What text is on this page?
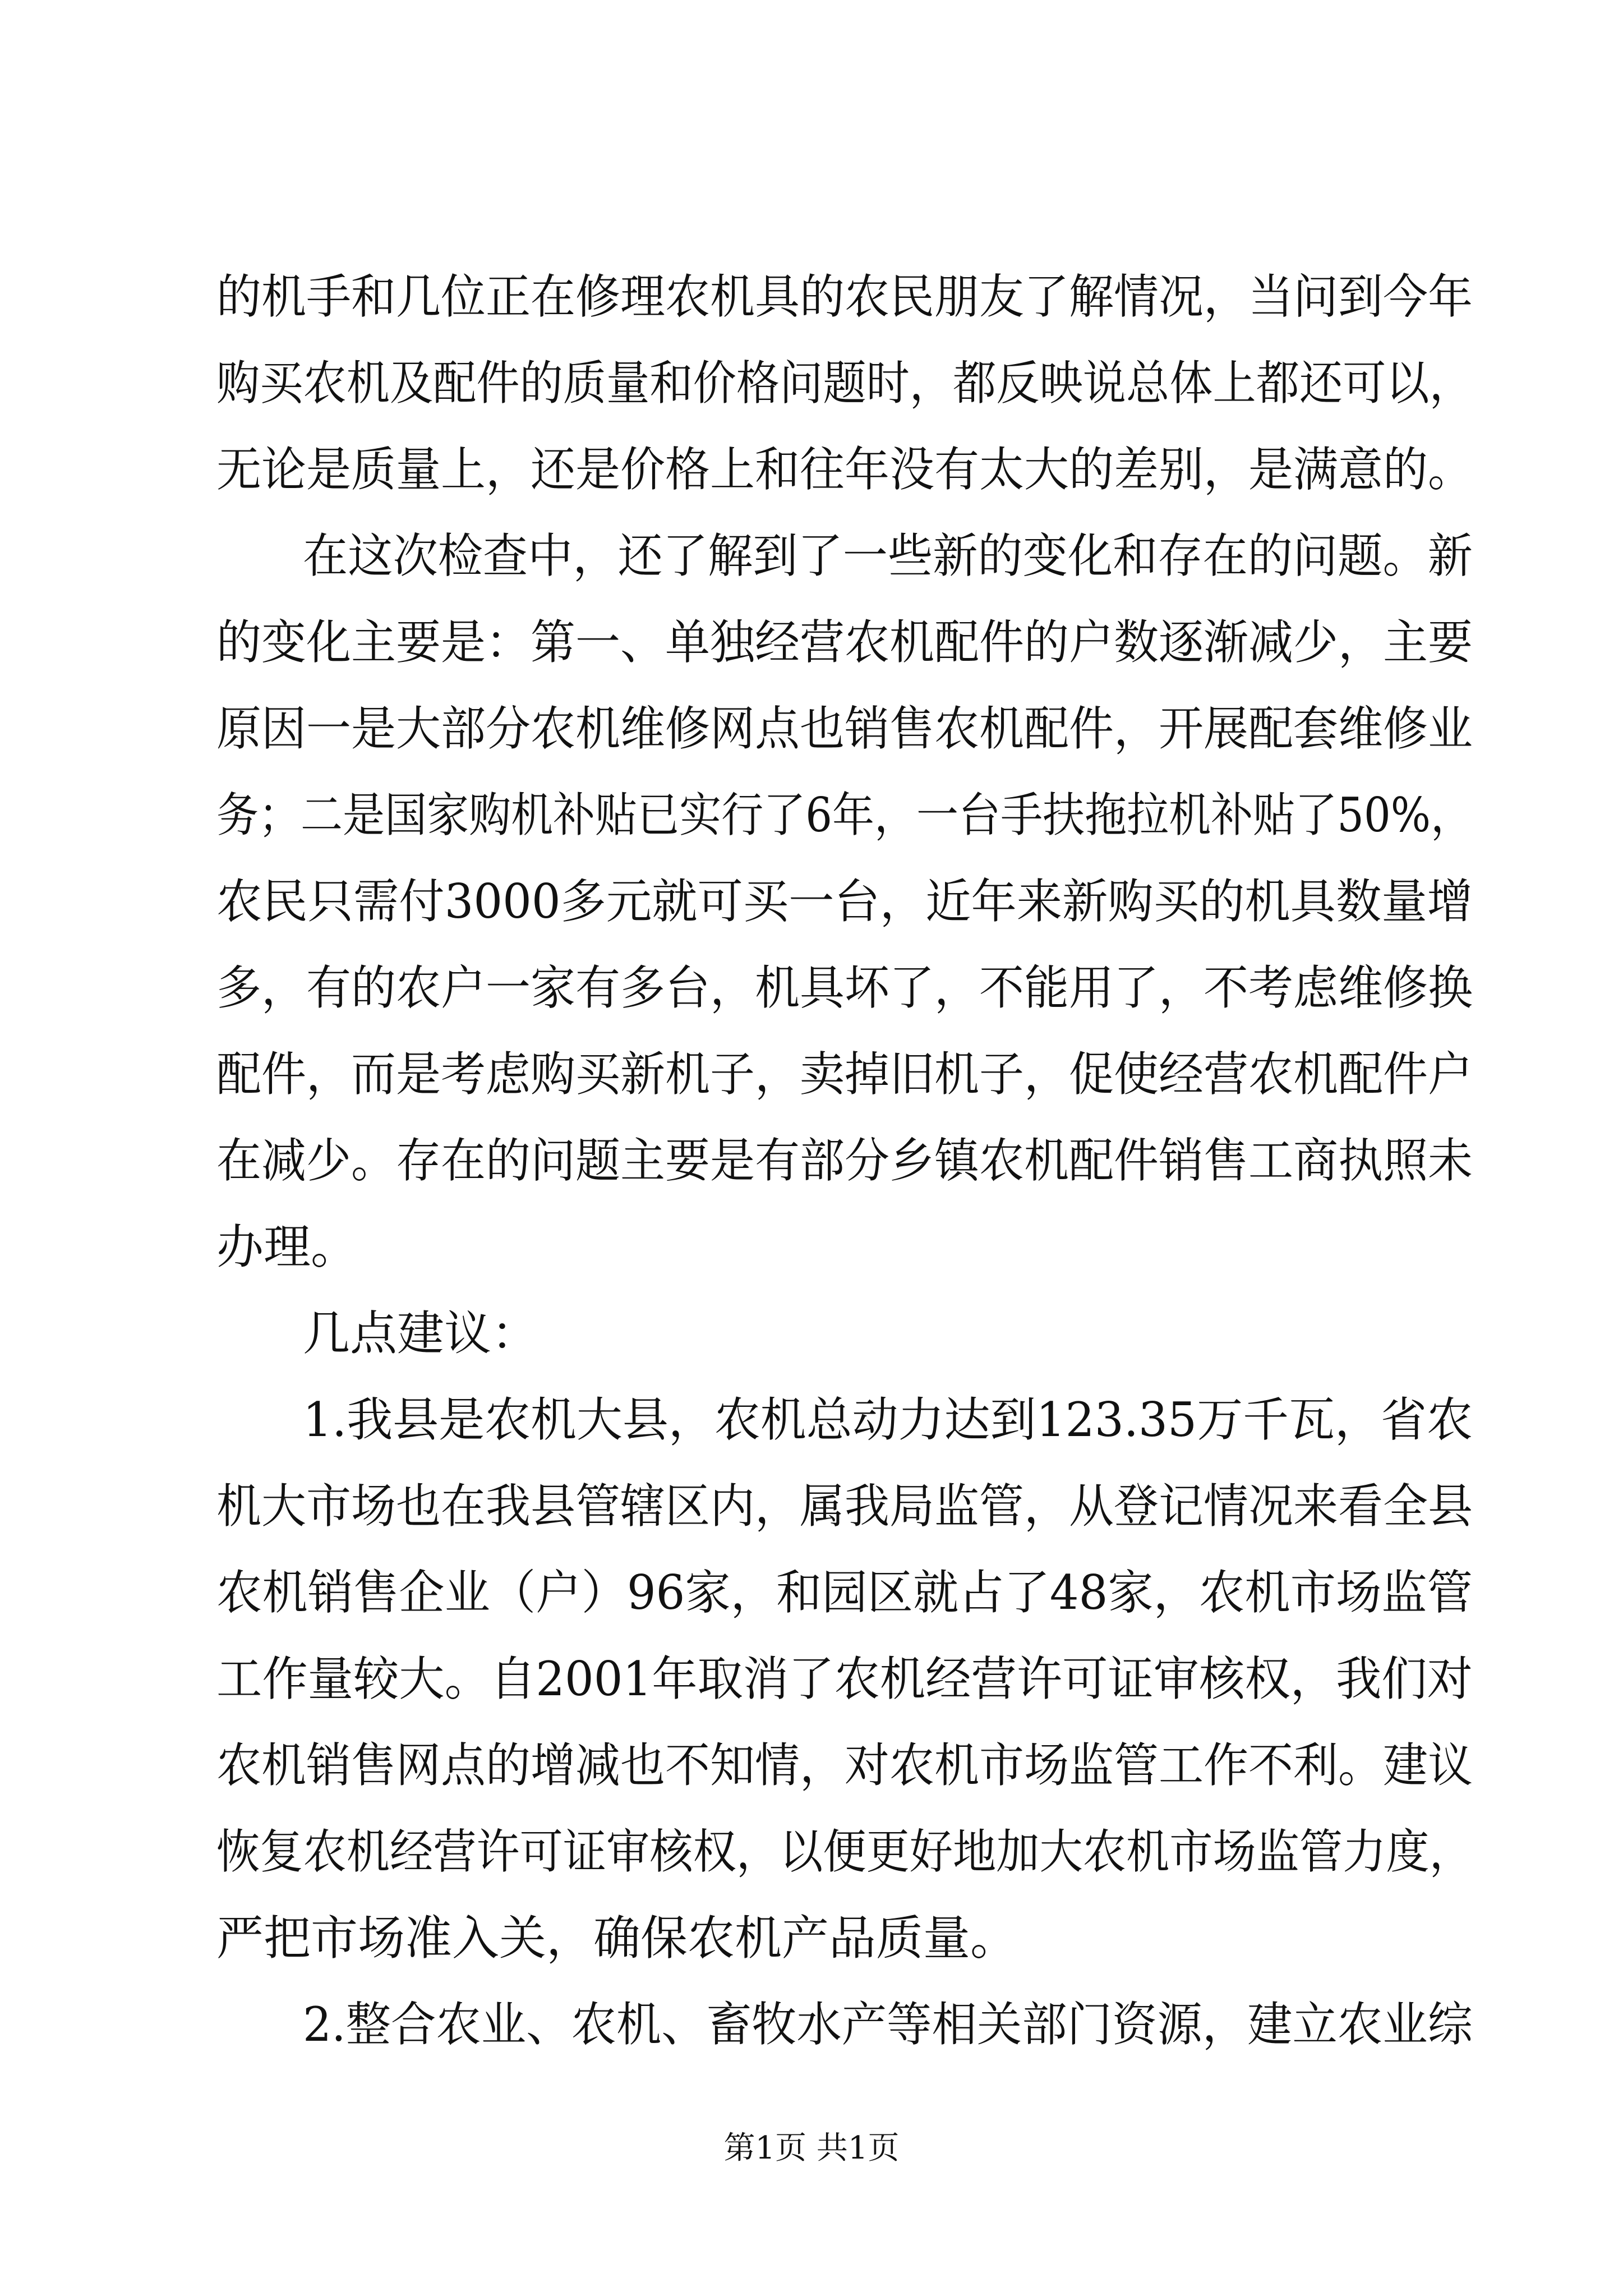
的机手和几位正在修理农机具的农民朋友了解情况，当问到今年
购买农机及配件的质量和价格问题时，都反映说总体上都还可以，
无论是质量上，还是价格上和往年没有太大的差别，是满意的。
在这次检查中，还了解到了一些新的变化和存在的问题。新
的变化主要是：第一、单独经营农机配件的户数逐渐减少，主要
原因一是大部分农机维修网点也销售农机配件，开展配套维修业
务；二是国家购机补贴已实行了6年，一台手扶拖拉机补贴了50%，
农民只需付3000多元就可买一台，近年来新购买的机具数量增
多，有的农户一家有多台，机具坏了，不能用了，不考虑维修换
配件，而是考虑购买新机子，卖掉旧机子，促使经营农机配件户
在减少。存在的问题主要是有部分乡镇农机配件销售工商执照未
办理。
几点建议：
1.我县是农机大县，农机总动力达到123.35万千瓦，省农
机大市场也在我县管辖区内，属我局监管，从登记情况来看全县
农机销售企业（户）96家，和园区就占了48家，农机市场监管
工作量较大。自2001年取消了农机经营许可证审核权，我们对
农机销售网点的增减也不知情，对农机市场监管工作不利。建议
恢复农机经营许可证审核权，以便更好地加大农机市场监管力度，
严把市场准入关，确保农机产品质量。
2.整合农业、农机、畜牧水产等相关部门资源，建立农业综
第1页 共1页
